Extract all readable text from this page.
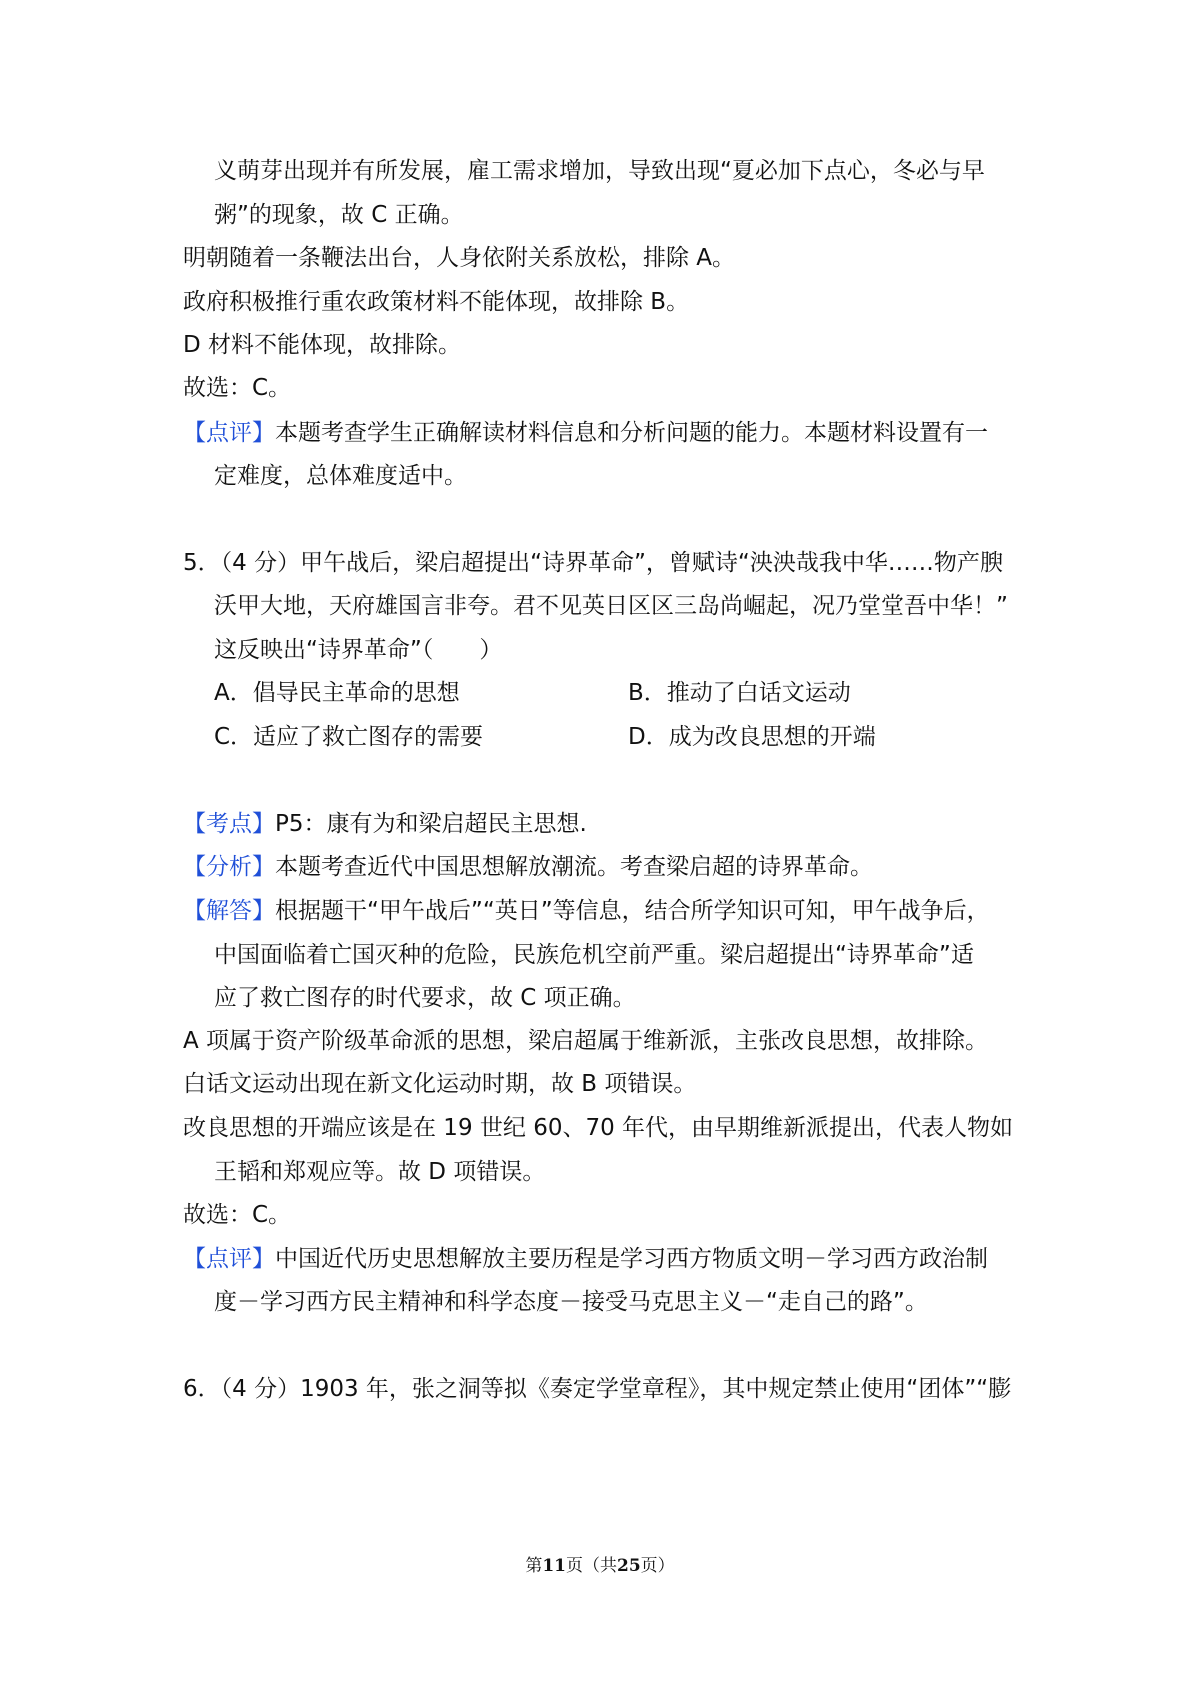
义萌芽出现并有所发展，雇工需求增加，导致出现“夏必加下点心，冬必与早
粥”的现象，故 C 正确。
明朝随着一条鞭法出台，人身依附关系放松，排除 A。
政府积极推行重农政策材料不能体现，故排除 B。
D 材料不能体现，故排除。
故选：C。
【点评】本题考查学生正确解读材料信息和分析问题的能力。本题材料设置有一
定难度，总体难度适中。
5．（4 分）甲午战后，梁启超提出“诗界革命”，曾赋诗“泱泱哉我中华……物产腴
沃甲大地，天府雄国言非夸。君不见英日区区三岛尚崛起，况乃堂堂吾中华！”
这反映出“诗界革命”（　　）
A．倡导民主革命的思想	B．推动了白话文运动
C．适应了救亡图存的需要	D．成为改良思想的开端
【考点】P5：康有为和梁启超民主思想.
【分析】本题考查近代中国思想解放潮流。考查梁启超的诗界革命。
【解答】根据题干“甲午战后”“英日”等信息，结合所学知识可知，甲午战争后，
中国面临着亡国灭种的危险，民族危机空前严重。梁启超提出“诗界革命”适
应了救亡图存的时代要求，故 C 项正确。
A 项属于资产阶级革命派的思想，梁启超属于维新派，主张改良思想，故排除。
白话文运动出现在新文化运动时期，故 B 项错误。
改良思想的开端应该是在 19 世纪 60、70 年代，由早期维新派提出，代表人物如
王韬和郑观应等。故 D 项错误。
故选：C。
【点评】中国近代历史思想解放主要历程是学习西方物质文明－学习西方政治制
度－学习西方民主精神和科学态度－接受马克思主义－“走自己的路”。
6．（4 分）1903 年，张之洞等拟《奏定学堂章程》，其中规定禁止使用“团体”“膨
第11页（共25页）
